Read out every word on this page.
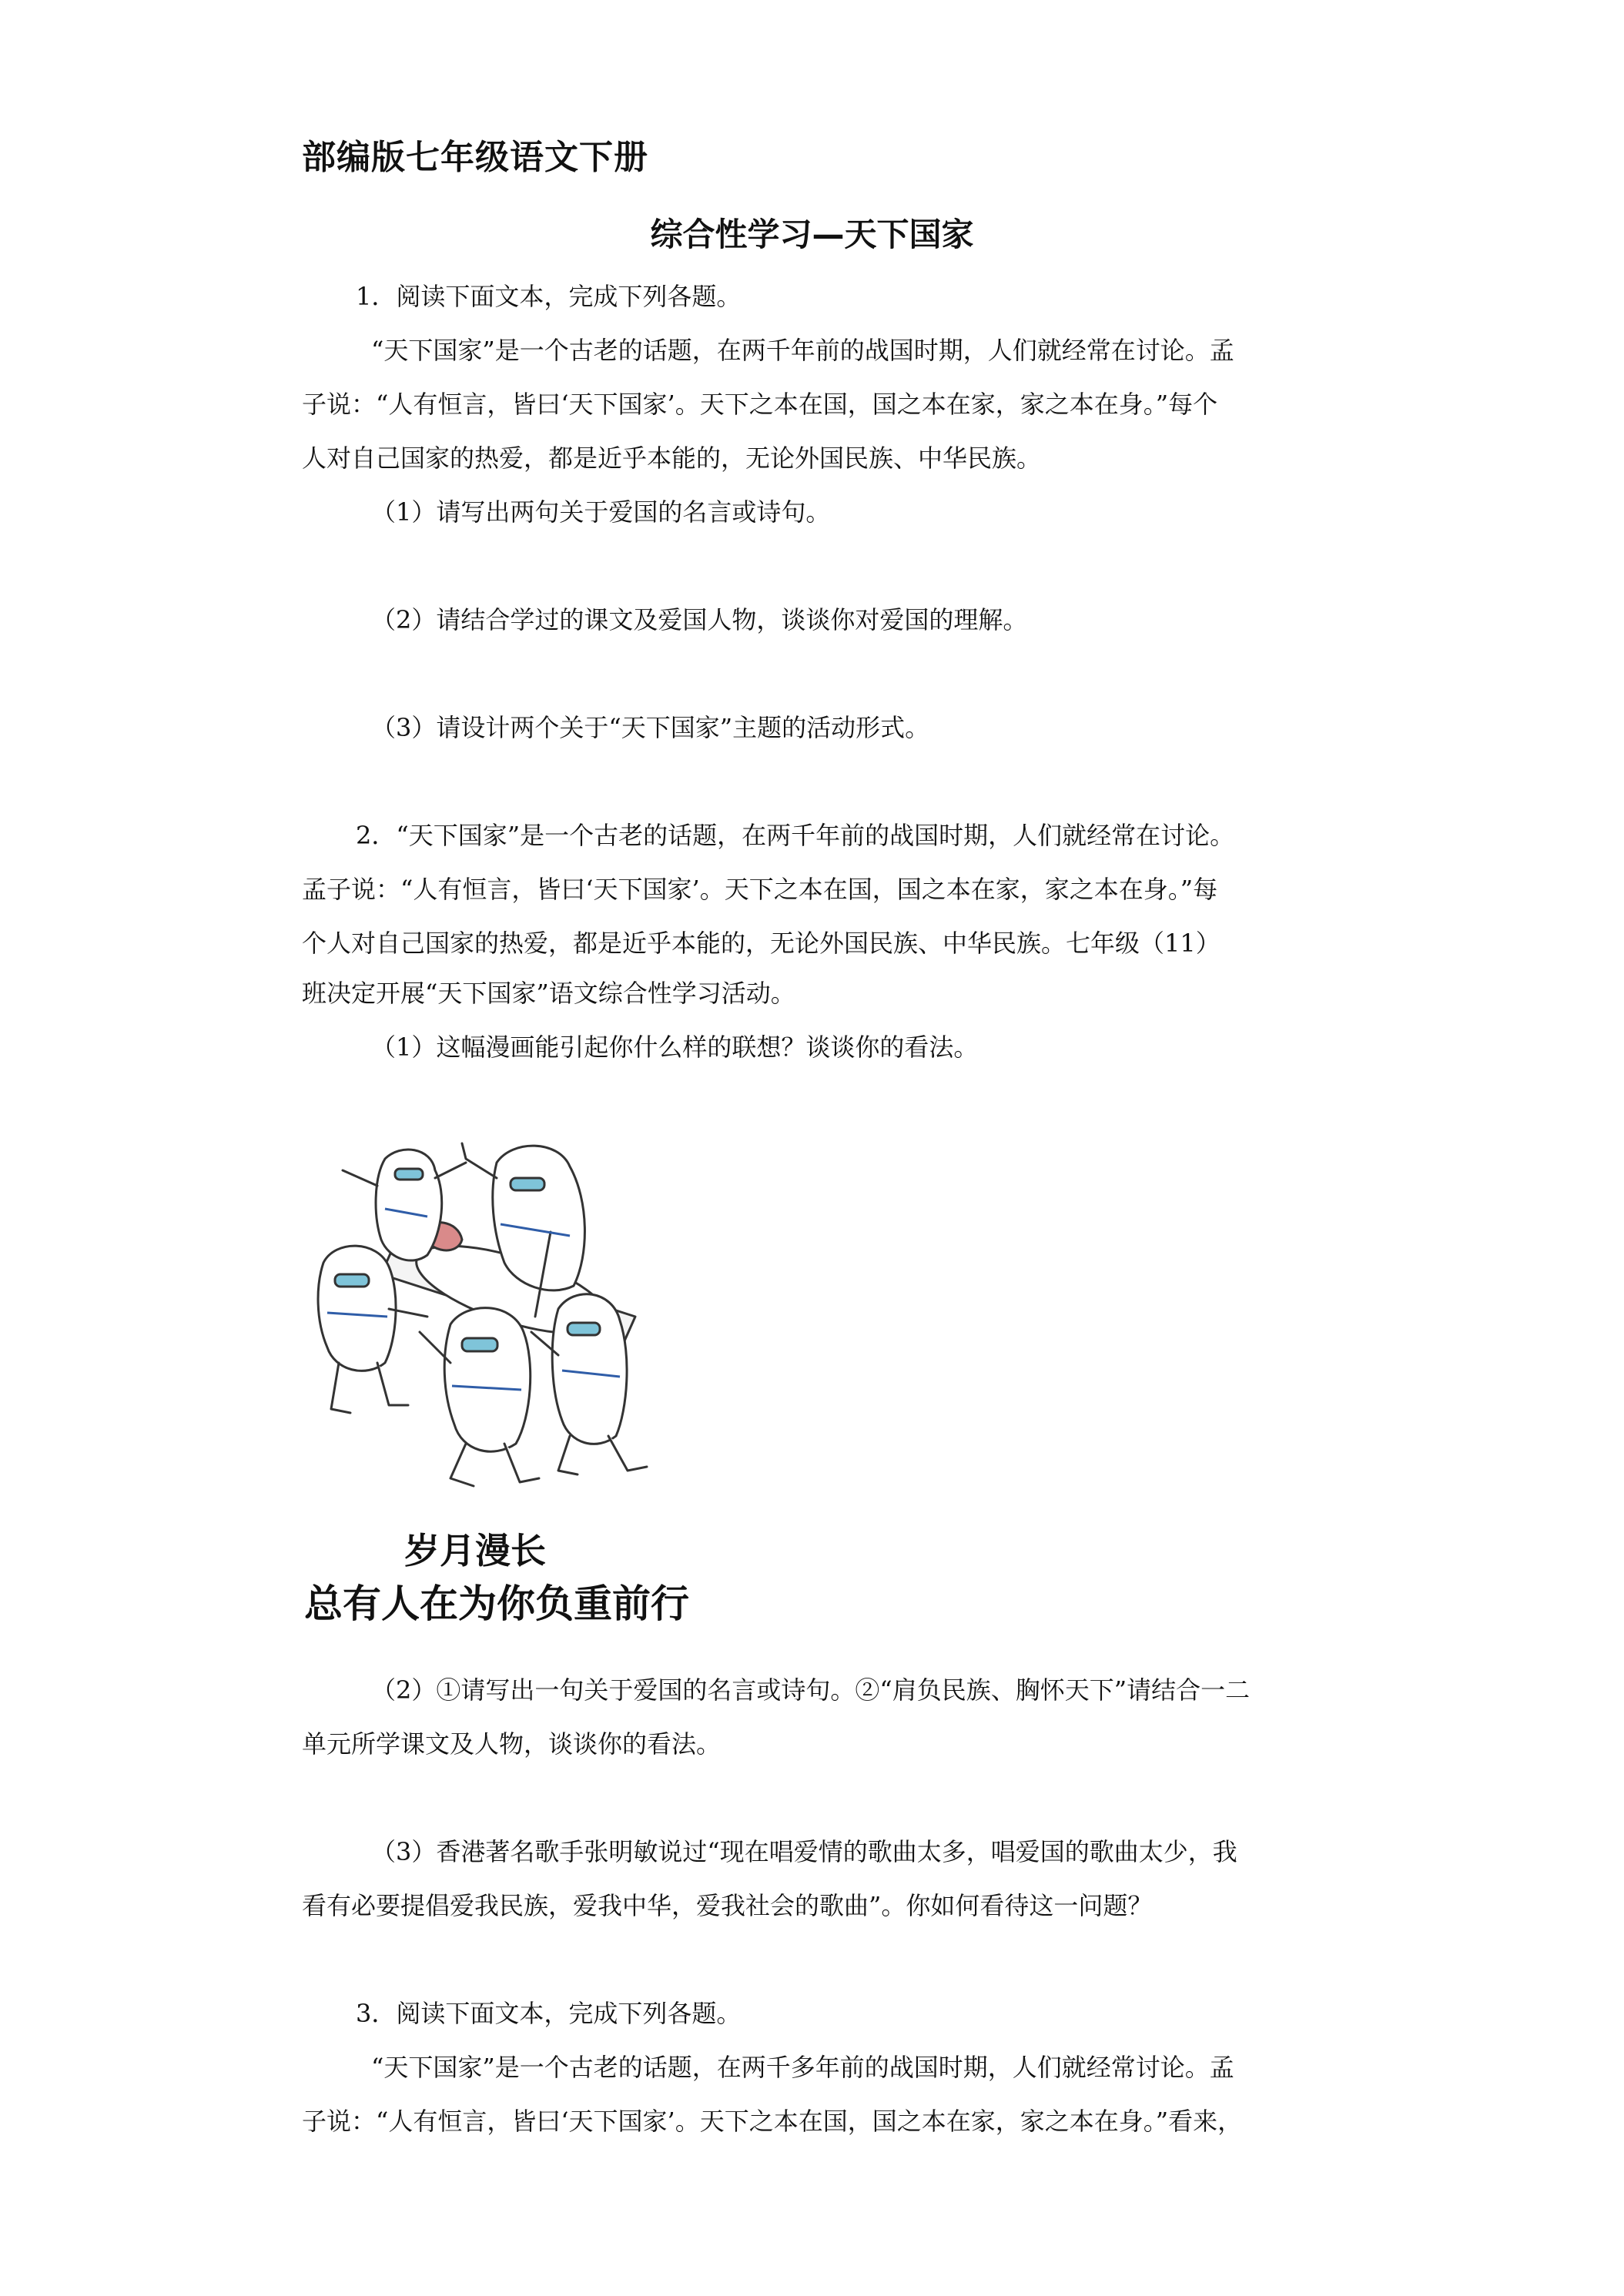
部编版七年级语文下册
综合性学习—天下国家
1．阅读下面文本，完成下列各题。
“天下国家”是一个古老的话题，在两千年前的战国时期，人们就经常在讨论。孟
子说：“人有恒言，皆曰‘天下国家’。天下之本在国，国之本在家，家之本在身。”每个
人对自己国家的热爱，都是近乎本能的，无论外国民族、中华民族。
（1）请写出两句关于爱国的名言或诗句。
（2）请结合学过的课文及爱国人物，谈谈你对爱国的理解。
（3）请设计两个关于“天下国家”主题的活动形式。
2．“天下国家”是一个古老的话题，在两千年前的战国时期，人们就经常在讨论。
孟子说：“人有恒言，皆曰‘天下国家’。天下之本在国，国之本在家，家之本在身。”每
个人对自己国家的热爱，都是近乎本能的，无论外国民族、中华民族。七年级（11）
班决定开展“天下国家”语文综合性学习活动。
（1）这幅漫画能引起你什么样的联想？谈谈你的看法。
岁月漫长
总有人在为你负重前行
（2）①请写出一句关于爱国的名言或诗句。②“肩负民族、胸怀天下”请结合一二
单元所学课文及人物，谈谈你的看法。
（3）香港著名歌手张明敏说过“现在唱爱情的歌曲太多，唱爱国的歌曲太少，我
看有必要提倡爱我民族，爱我中华，爱我社会的歌曲”。你如何看待这一问题？
3．阅读下面文本，完成下列各题。
“天下国家”是一个古老的话题，在两千多年前的战国时期，人们就经常讨论。孟
子说：“人有恒言，皆曰‘天下国家’。天下之本在国，国之本在家，家之本在身。”看来，
